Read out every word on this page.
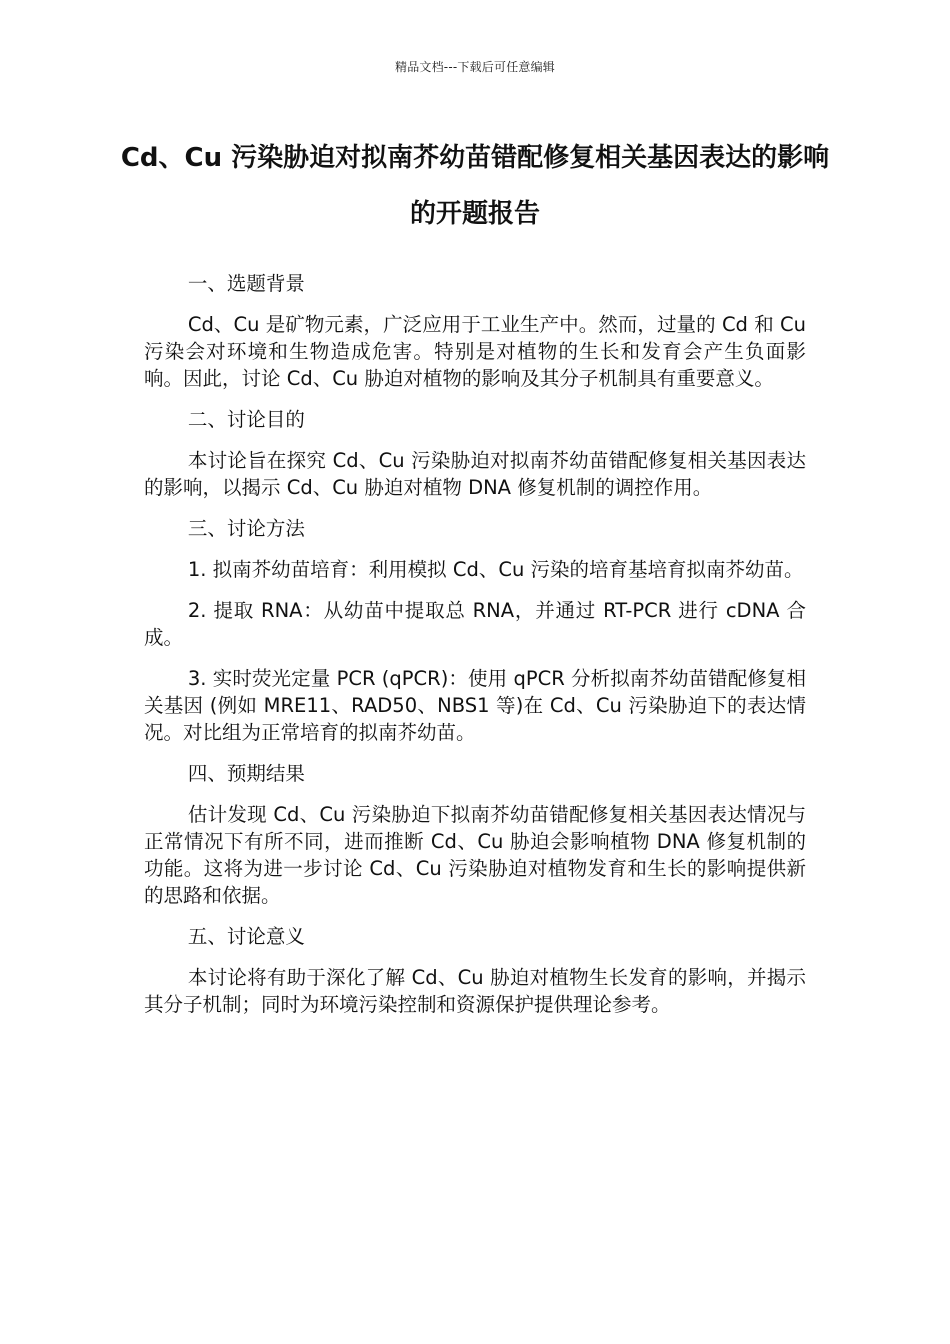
精品文档---下载后可任意编辑
Cd、Cu 污染胁迫对拟南芥幼苗错配修复相关基因表达的影响的开题报告

一、选题背景

Cd、Cu 是矿物元素，广泛应用于工业生产中。然而，过量的 Cd 和 Cu 污染会对环境和生物造成危害。特别是对植物的生长和发育会产生负面影响。因此，讨论 Cd、Cu 胁迫对植物的影响及其分子机制具有重要意义。

二、讨论目的

本讨论旨在探究 Cd、Cu 污染胁迫对拟南芥幼苗错配修复相关基因表达的影响，以揭示 Cd、Cu 胁迫对植物 DNA 修复机制的调控作用。

三、讨论方法

1. 拟南芥幼苗培育：利用模拟 Cd、Cu 污染的培育基培育拟南芥幼苗。

2. 提取 RNA：从幼苗中提取总 RNA，并通过 RT-PCR 进行 cDNA 合成。

3. 实时荧光定量 PCR (qPCR)：使用 qPCR 分析拟南芥幼苗错配修复相关基因 (例如 MRE11、RAD50、NBS1 等)在 Cd、Cu 污染胁迫下的表达情况。对比组为正常培育的拟南芥幼苗。

四、预期结果

估计发现 Cd、Cu 污染胁迫下拟南芥幼苗错配修复相关基因表达情况与正常情况下有所不同，进而推断 Cd、Cu 胁迫会影响植物 DNA 修复机制的功能。这将为进一步讨论 Cd、Cu 污染胁迫对植物发育和生长的影响提供新的思路和依据。

五、讨论意义

本讨论将有助于深化了解 Cd、Cu 胁迫对植物生长发育的影响，并揭示其分子机制；同时为环境污染控制和资源保护提供理论参考。
